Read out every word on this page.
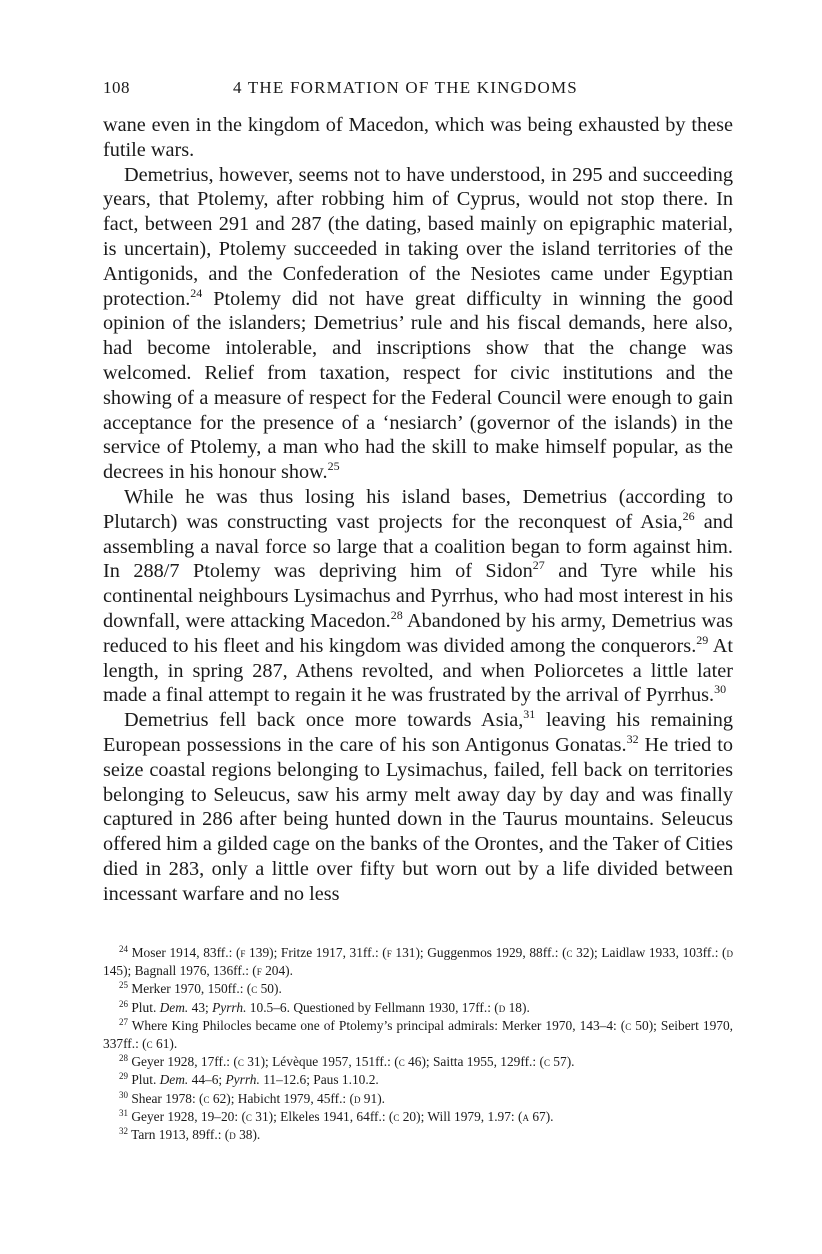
108	4 THE FORMATION OF THE KINGDOMS

wane even in the kingdom of Macedon, which was being exhausted by these futile wars.

Demetrius, however, seems not to have understood, in 295 and succeeding years, that Ptolemy, after robbing him of Cyprus, would not stop there. In fact, between 291 and 287 (the dating, based mainly on epigraphic material, is uncertain), Ptolemy succeeded in taking over the island territories of the Antigonids, and the Confederation of the Nesiotes came under Egyptian protection.$^{24}$ Ptolemy did not have great difficulty in winning the good opinion of the islanders; Demetrius’ rule and his fiscal demands, here also, had become intolerable, and inscriptions show that the change was welcomed. Relief from taxation, respect for civic institutions and the showing of a measure of respect for the Federal Council were enough to gain acceptance for the presence of a ‘nesiarch’ (governor of the islands) in the service of Ptolemy, a man who had the skill to make himself popular, as the decrees in his honour show.$^{25}$

While he was thus losing his island bases, Demetrius (according to Plutarch) was constructing vast projects for the reconquest of Asia,$^{26}$ and assembling a naval force so large that a coalition began to form against him. In 288/7 Ptolemy was depriving him of Sidon$^{27}$ and Tyre while his continental neighbours Lysimachus and Pyrrhus, who had most interest in his downfall, were attacking Macedon.$^{28}$ Abandoned by his army, Demetrius was reduced to his fleet and his kingdom was divided among the conquerors.$^{29}$ At length, in spring 287, Athens revolted, and when Poliorcetes a little later made a final attempt to regain it he was frustrated by the arrival of Pyrrhus.$^{30}$

Demetrius fell back once more towards Asia,$^{31}$ leaving his remaining European possessions in the care of his son Antigonus Gonatas.$^{32}$ He tried to seize coastal regions belonging to Lysimachus, failed, fell back on territories belonging to Seleucus, saw his army melt away day by day and was finally captured in 286 after being hunted down in the Taurus mountains. Seleucus offered him a gilded cage on the banks of the Orontes, and the Taker of Cities died in 283, only a little over fifty but worn out by a life divided between incessant warfare and no less

$^{24}$ Moser 1914, 83ff.: (f 139); Fritze 1917, 31ff.: (f 131); Guggenmos 1929, 88ff.: (c 32); Laidlaw 1933, 103ff.: (d 145); Bagnall 1976, 136ff.: (f 204).

$^{25}$ Merker 1970, 150ff.: (c 50).

$^{26}$ Plut. Dem. 43; Pyrrh. 10.5–6. Questioned by Fellmann 1930, 17ff.: (d 18).

$^{27}$ Where King Philocles became one of Ptolemy’s principal admirals: Merker 1970, 143–4: (c 50); Seibert 1970, 337ff.: (c 61).

$^{28}$ Geyer 1928, 17ff.: (c 31); Lévèque 1957, 151ff.: (c 46); Saitta 1955, 129ff.: (c 57).

$^{29}$ Plut. Dem. 44–6; Pyrrh. 11–12.6; Paus 1.10.2.

$^{30}$ Shear 1978: (c 62); Habicht 1979, 45ff.: (d 91).

$^{31}$ Geyer 1928, 19–20: (c 31); Elkeles 1941, 64ff.: (c 20); Will 1979, 1.97: (a 67).

$^{32}$ Tarn 1913, 89ff.: (d 38).
